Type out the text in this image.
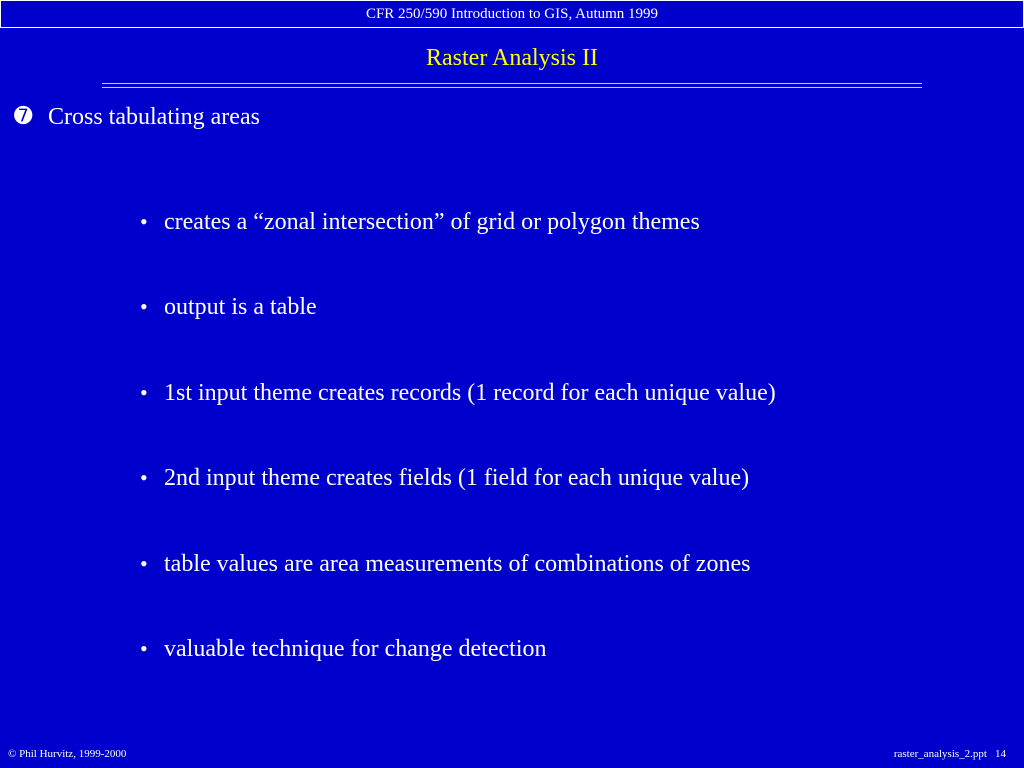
CFR 250/590 Introduction to GIS, Autumn 1999
Raster Analysis II
➐ Cross tabulating areas
• creates a “zonal intersection” of grid or polygon themes
• output is a table
• 1st input theme creates records (1 record for each unique value)
• 2nd input theme creates fields (1 field for each unique value)
• table values are area measurements of combinations of zones
• valuable technique for change detection
© Phil Hurvitz, 1999-2000	raster_analysis_2.ppt 14
